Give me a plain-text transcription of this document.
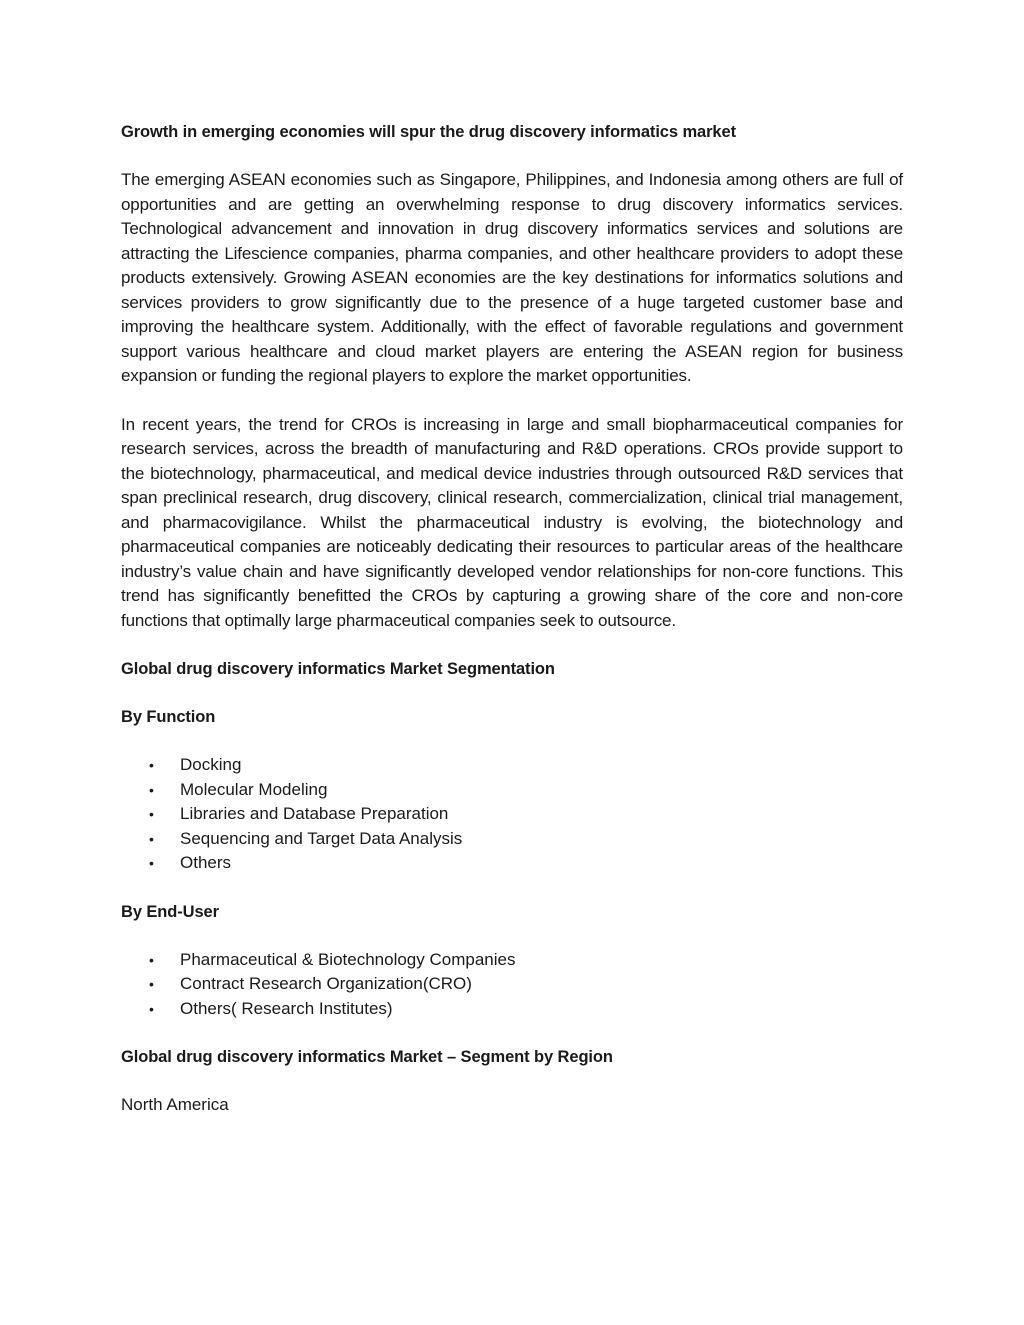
Growth in emerging economies will spur the drug discovery informatics market

The emerging ASEAN economies such as Singapore, Philippines, and Indonesia among others are full of opportunities and are getting an overwhelming response to drug discovery informatics services. Technological advancement and innovation in drug discovery informatics services and solutions are attracting the Lifescience companies, pharma companies, and other healthcare providers to adopt these products extensively. Growing ASEAN economies are the key destinations for informatics solutions and services providers to grow significantly due to the presence of a huge targeted customer base and improving the healthcare system. Additionally, with the effect of favorable regulations and government support various healthcare and cloud market players are entering the ASEAN region for business expansion or funding the regional players to explore the market opportunities.

In recent years, the trend for CROs is increasing in large and small biopharmaceutical companies for research services, across the breadth of manufacturing and R&D operations. CROs provide support to the biotechnology, pharmaceutical, and medical device industries through outsourced R&D services that span preclinical research, drug discovery, clinical research, commercialization, clinical trial management, and pharmacovigilance. Whilst the pharmaceutical industry is evolving, the biotechnology and pharmaceutical companies are noticeably dedicating their resources to particular areas of the healthcare industry’s value chain and have significantly developed vendor relationships for non-core functions. This trend has significantly benefitted the CROs by capturing a growing share of the core and non-core functions that optimally large pharmaceutical companies seek to outsource.

Global drug discovery informatics Market Segmentation

By Function

• Docking
• Molecular Modeling
• Libraries and Database Preparation
• Sequencing and Target Data Analysis
• Others

By End-User

• Pharmaceutical & Biotechnology Companies
• Contract Research Organization(CRO)
• Others( Research Institutes)

Global drug discovery informatics Market – Segment by Region

North America
